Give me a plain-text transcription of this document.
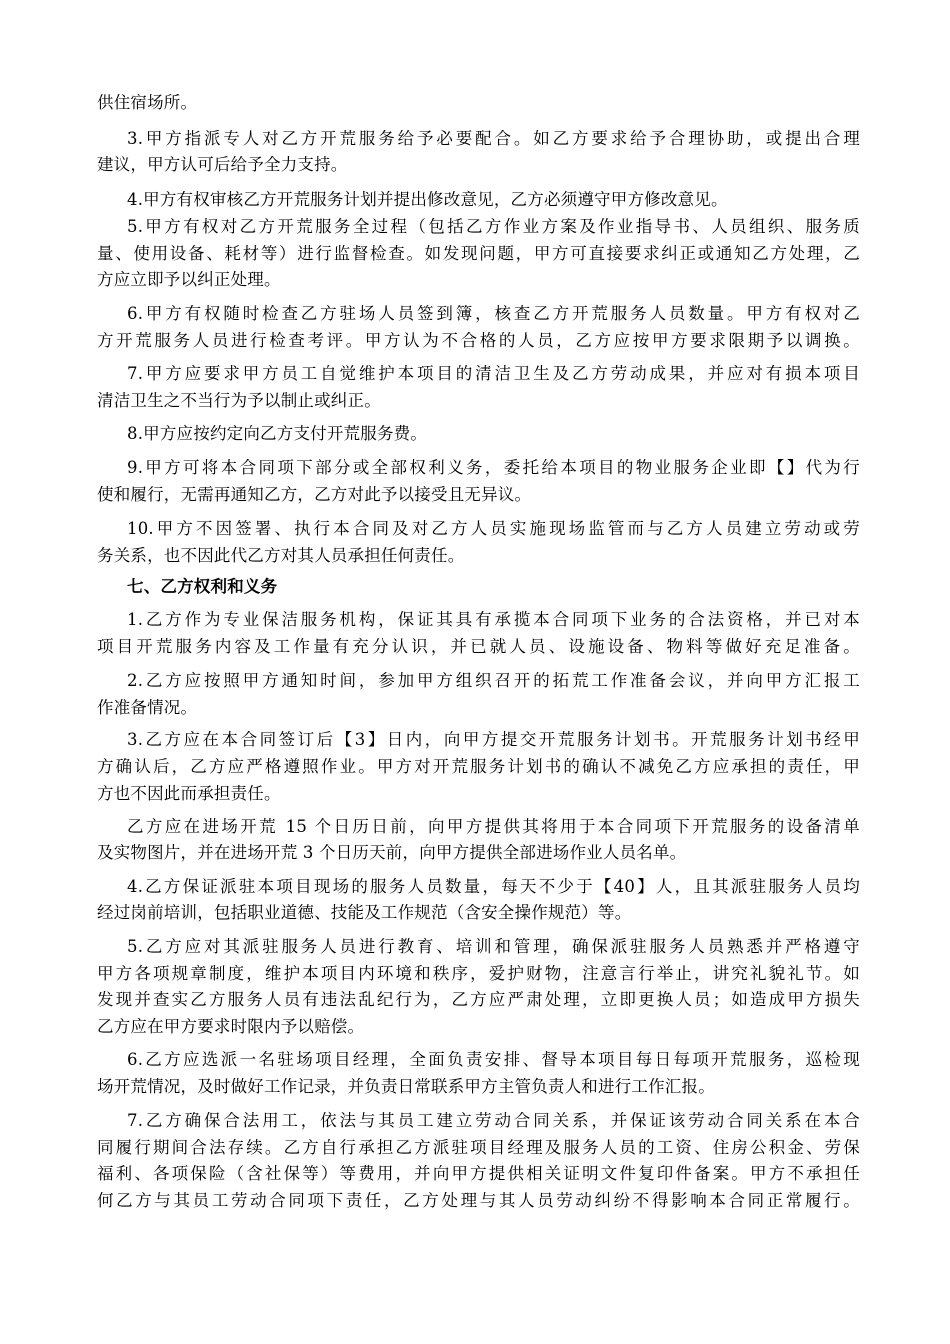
供住宿场所。
3.甲方指派专人对乙方开荒服务给予必要配合。如乙方要求给予合理协助，或提出合理
建议，甲方认可后给予全力支持。
4.甲方有权审核乙方开荒服务计划并提出修改意见，乙方必须遵守甲方修改意见。
5.甲方有权对乙方开荒服务全过程（包括乙方作业方案及作业指导书、人员组织、服务质
量、使用设备、耗材等）进行监督检查。如发现问题，甲方可直接要求纠正或通知乙方处理，乙
方应立即予以纠正处理。
6.甲方有权随时检查乙方驻场人员签到簿，核查乙方开荒服务人员数量。甲方有权对乙
方开荒服务人员进行检查考评。甲方认为不合格的人员，乙方应按甲方要求限期予以调换。
7.甲方应要求甲方员工自觉维护本项目的清洁卫生及乙方劳动成果，并应对有损本项目
清洁卫生之不当行为予以制止或纠正。
8.甲方应按约定向乙方支付开荒服务费。
9.甲方可将本合同项下部分或全部权利义务，委托给本项目的物业服务企业即【】代为行
使和履行，无需再通知乙方，乙方对此予以接受且无异议。
10.甲方不因签署、执行本合同及对乙方人员实施现场监管而与乙方人员建立劳动或劳
务关系，也不因此代乙方对其人员承担任何责任。
七、乙方权利和义务
1.乙方作为专业保洁服务机构，保证其具有承揽本合同项下业务的合法资格，并已对本
项目开荒服务内容及工作量有充分认识，并已就人员、设施设备、物料等做好充足准备。
2.乙方应按照甲方通知时间，参加甲方组织召开的拓荒工作准备会议，并向甲方汇报工
作准备情况。
3.乙方应在本合同签订后【3】日内，向甲方提交开荒服务计划书。开荒服务计划书经甲
方确认后，乙方应严格遵照作业。甲方对开荒服务计划书的确认不减免乙方应承担的责任，甲
方也不因此而承担责任。
乙方应在进场开荒 15 个日历日前，向甲方提供其将用于本合同项下开荒服务的设备清单
及实物图片，并在进场开荒 3 个日历天前，向甲方提供全部进场作业人员名单。
4.乙方保证派驻本项目现场的服务人员数量，每天不少于【40】人，且其派驻服务人员均
经过岗前培训，包括职业道德、技能及工作规范（含安全操作规范）等。
5.乙方应对其派驻服务人员进行教育、培训和管理，确保派驻服务人员熟悉并严格遵守
甲方各项规章制度，维护本项目内环境和秩序，爱护财物，注意言行举止，讲究礼貌礼节。如
发现并查实乙方服务人员有违法乱纪行为，乙方应严肃处理，立即更换人员；如造成甲方损失
乙方应在甲方要求时限内予以赔偿。
6.乙方应选派一名驻场项目经理，全面负责安排、督导本项目每日每项开荒服务，巡检现
场开荒情况，及时做好工作记录，并负责日常联系甲方主管负责人和进行工作汇报。
7.乙方确保合法用工，依法与其员工建立劳动合同关系，并保证该劳动合同关系在本合
同履行期间合法存续。乙方自行承担乙方派驻项目经理及服务人员的工资、住房公积金、劳保
福利、各项保险（含社保等）等费用，并向甲方提供相关证明文件复印件备案。甲方不承担任
何乙方与其员工劳动合同项下责任，乙方处理与其人员劳动纠纷不得影响本合同正常履行。
